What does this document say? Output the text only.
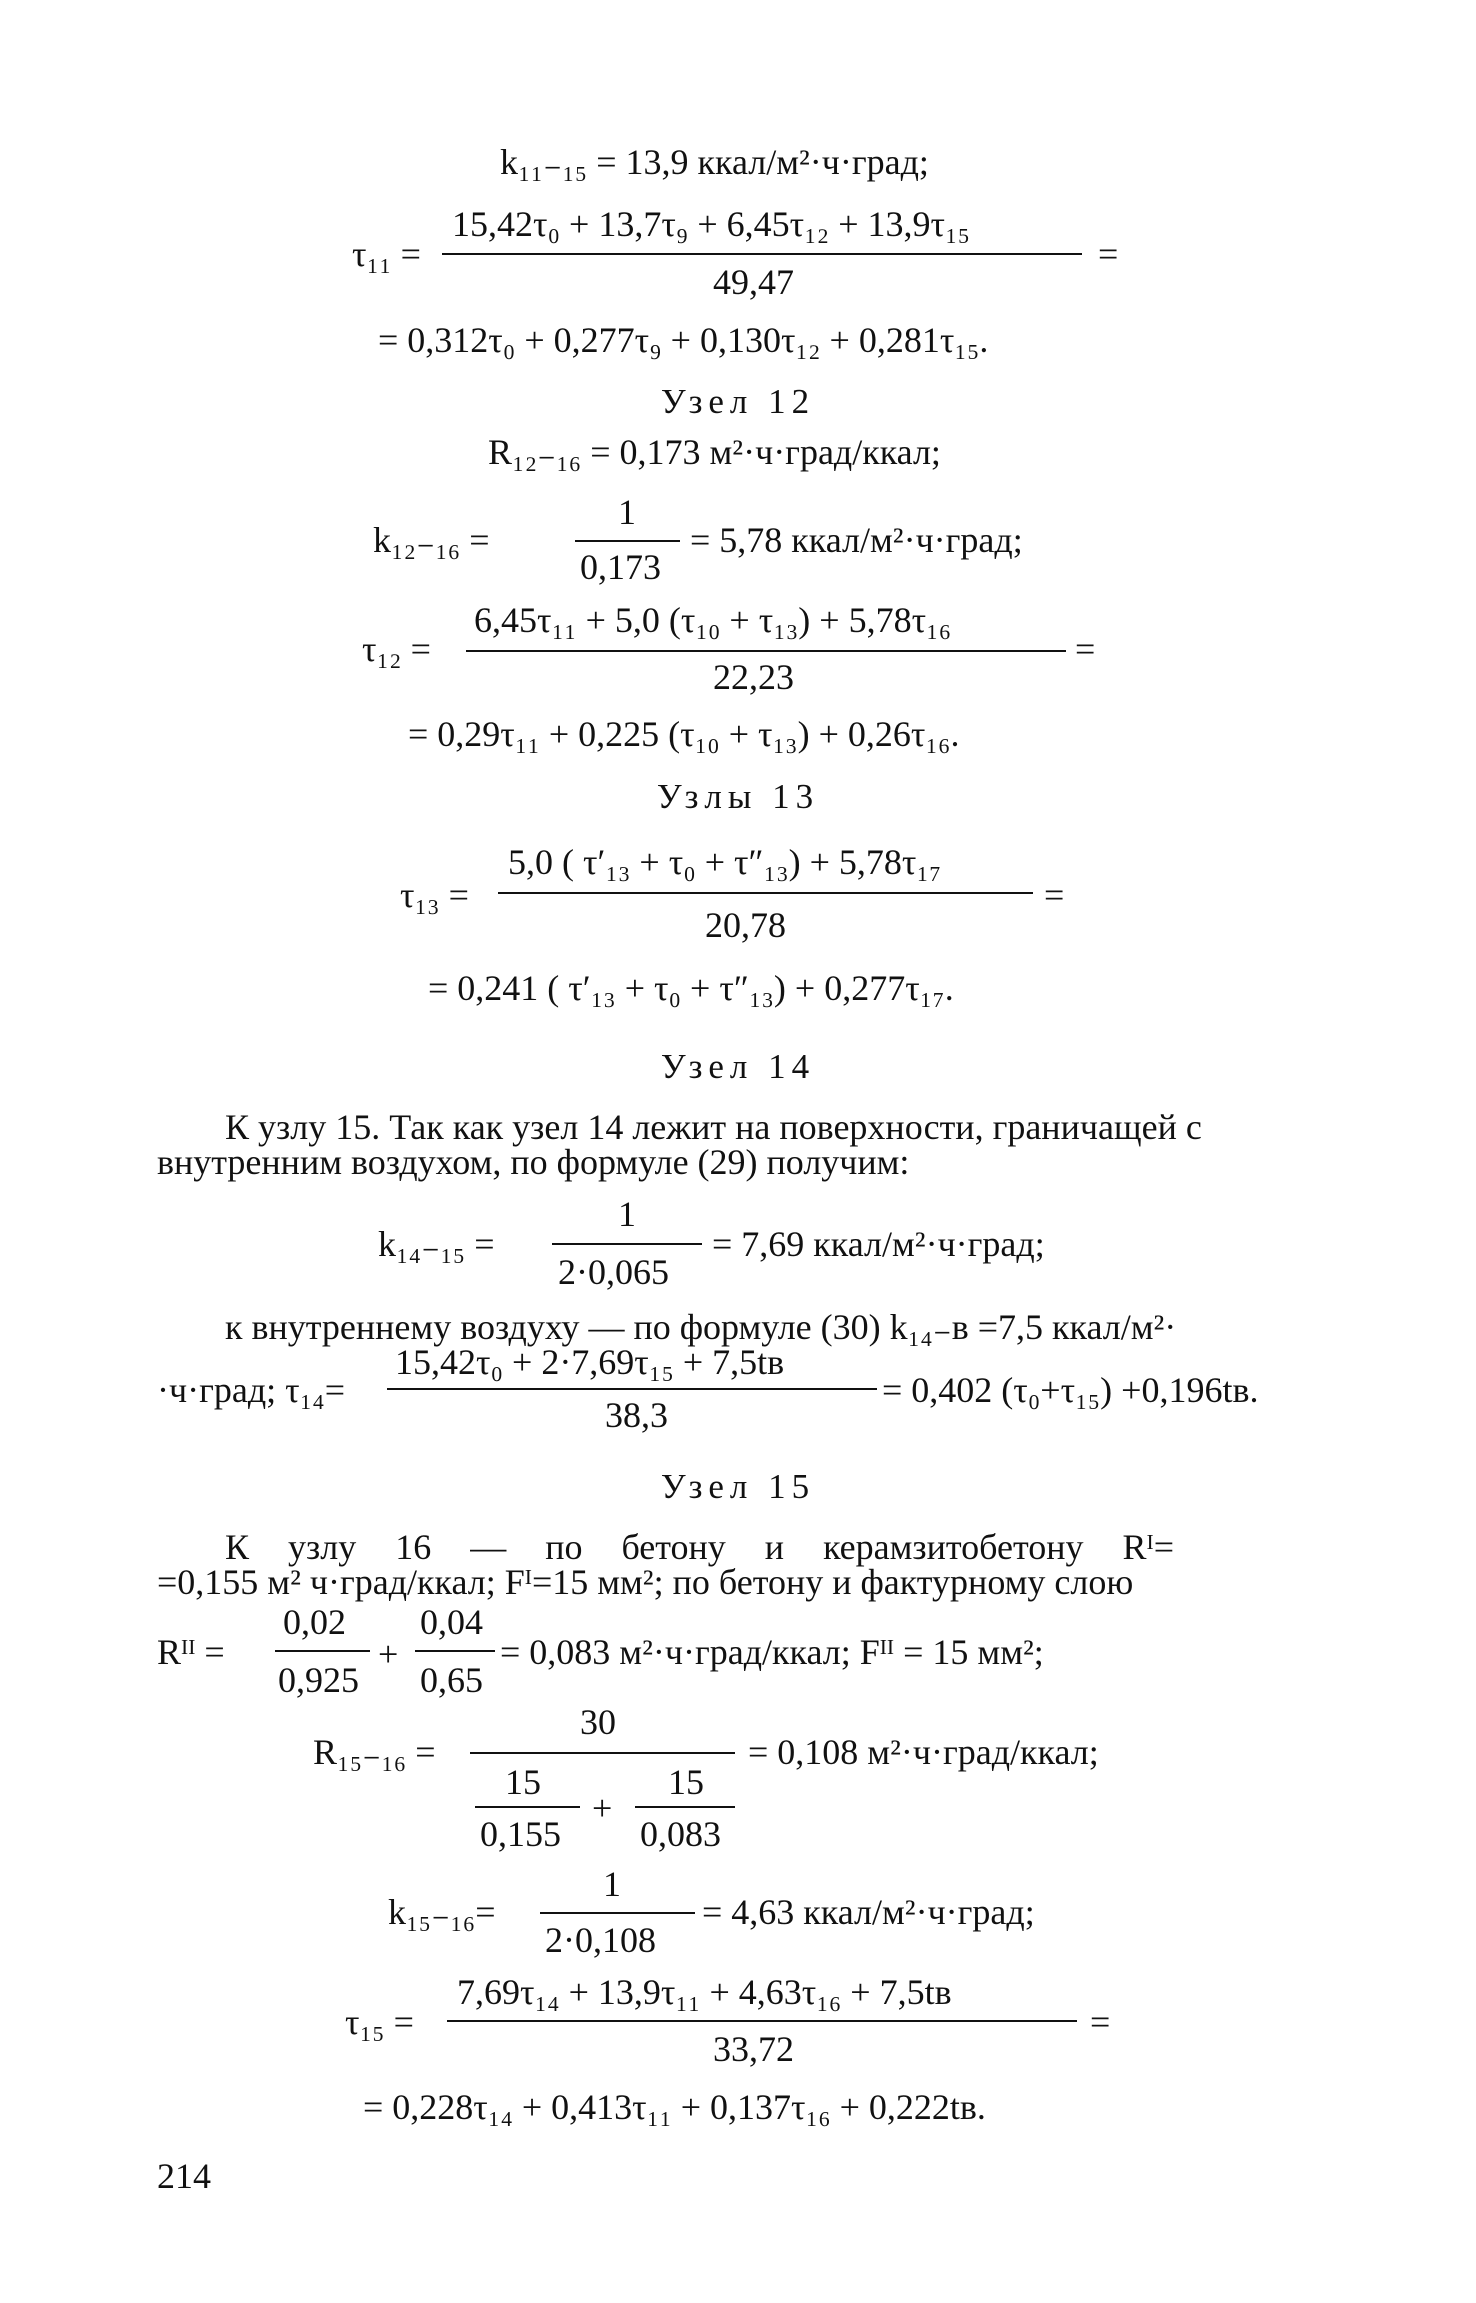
k₁₁₋₁₅ = 13,9 ккал/м²·ч·град;
15,42τ₀ + 13,7τ₉ + 6,45τ₁₂ + 13,9τ₁₅
τ₁₁ =	=
49,47
= 0,312τ₀ + 0,277τ₉ + 0,130τ₁₂ + 0,281τ₁₅.
Узел 12
R₁₂₋₁₆ = 0,173 м²·ч·град/ккал;
1
k₁₂₋₁₆ =	= 5,78 ккал/м²·ч·град;
0,173
6,45τ₁₁ + 5,0 (τ₁₀ + τ₁₃) + 5,78τ₁₆
τ₁₂ =	=
22,23
= 0,29τ₁₁ + 0,225 (τ₁₀ + τ₁₃) + 0,26τ₁₆.
Узлы 13
5,0 ( τ′₁₃ + τ₀ + τ″₁₃) + 5,78τ₁₇
τ₁₃ =	=
20,78
= 0,241 ( τ′₁₃ + τ₀ + τ″₁₃) + 0,277τ₁₇.
Узел 14
К узлу 15. Так как узел 14 лежит на поверхности, граничащей с
внутренним воздухом, по формуле (29) получим:
1
k₁₄₋₁₅ =	= 7,69 ккал/м²·ч·град;
2·0,065
к внутреннему воздуху — по формуле (30) k₁₄₋в =7,5 ккал/м²·
15,42τ₀ + 2·7,69τ₁₅ + 7,5tв
·ч·град; τ₁₄=	= 0,402 (τ₀+τ₁₅) +0,196tв.
38,3
Узел 15
К узлу 16 — по бетону и керамзитобетону Rᴵ=
=0,155 м² ч·град/ккал; Fᴵ=15 мм²; по бетону и фактурному слою
0,02 0,04
Rᴵᴵ =	+	= 0,083 м²·ч·град/ккал; Fᴵᴵ = 15 мм²;
0,925 0,65
30
R₁₅₋₁₆ =	= 0,108 м²·ч·град/ккал;
15	15
+
0,155 0,083
1
k₁₅₋₁₆=	= 4,63 ккал/м²·ч·град;
2·0,108
7,69τ₁₄ + 13,9τ₁₁ + 4,63τ₁₆ + 7,5tв
τ₁₅ =	=
33,72
= 0,228τ₁₄ + 0,413τ₁₁ + 0,137τ₁₆ + 0,222tв.
214
